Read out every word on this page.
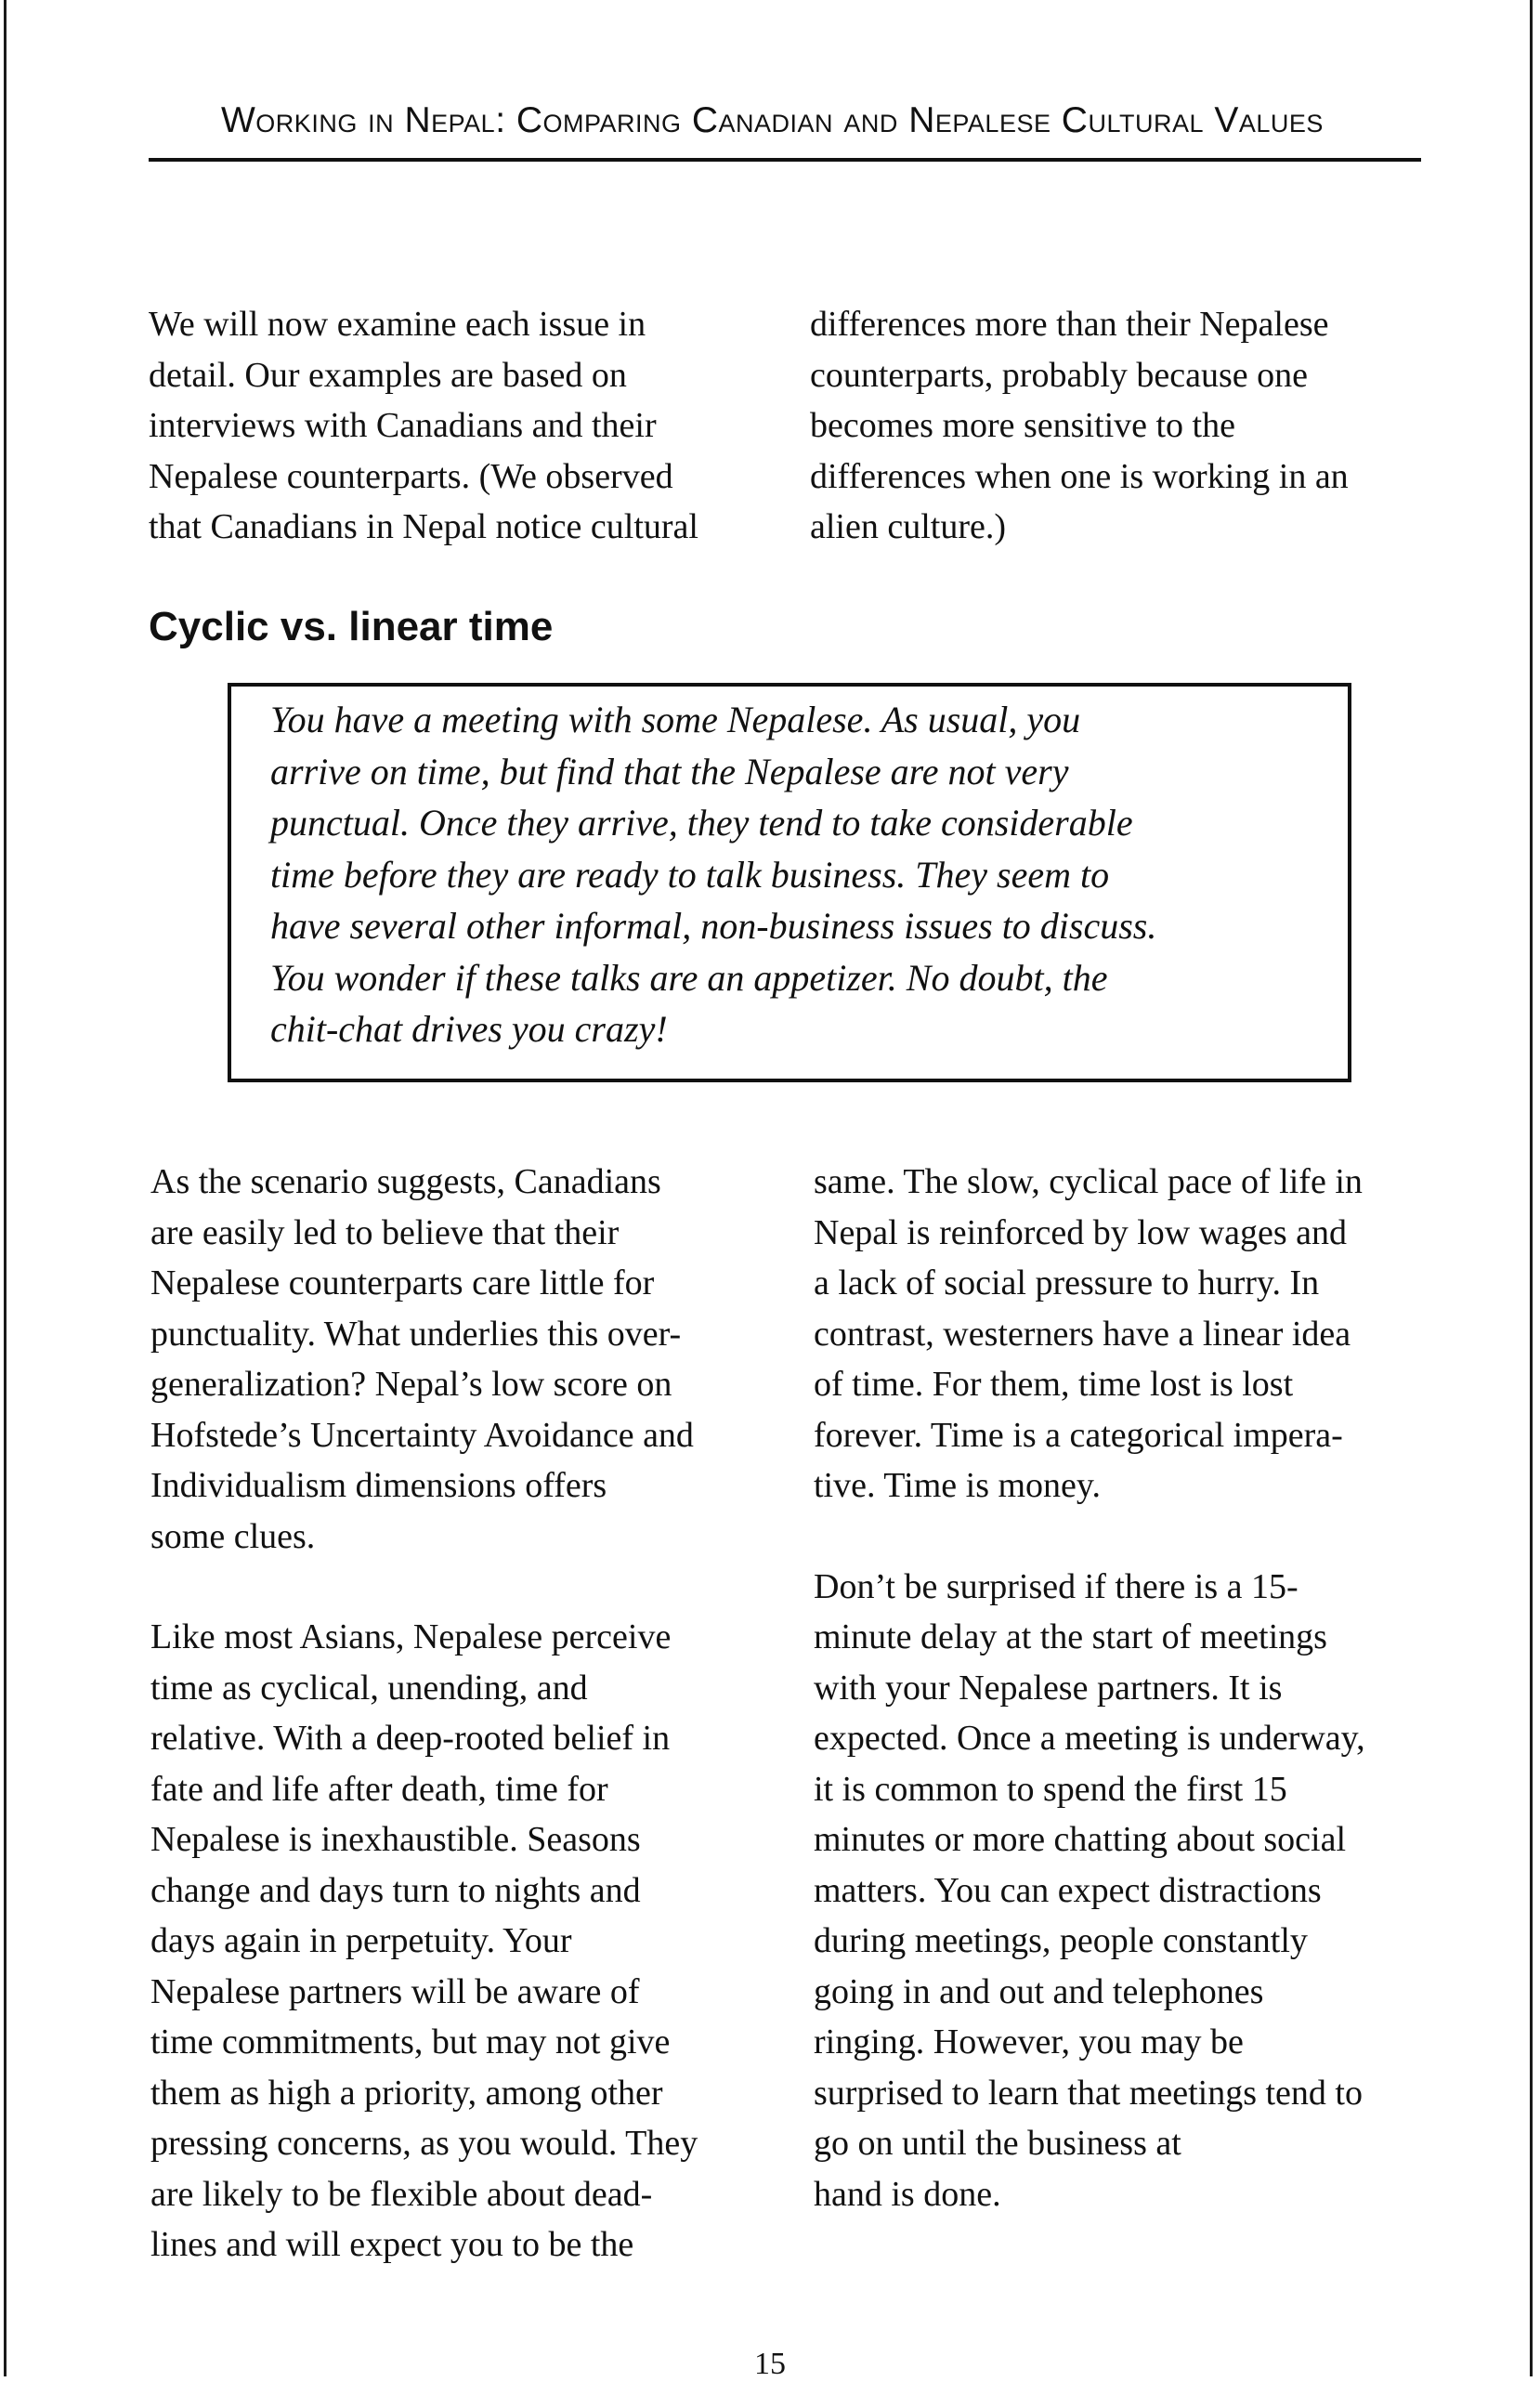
Working in Nepal: Comparing Canadian and Nepalese Cultural Values

We will now examine each issue in
detail. Our examples are based on
interviews with Canadians and their
Nepalese counterparts. (We observed
that Canadians in Nepal notice cultural

differences more than their Nepalese
counterparts, probably because one
becomes more sensitive to the
differences when one is working in an
alien culture.)

Cyclic vs. linear time
You have a meeting with some Nepalese. As usual, you
arrive on time, but find that the Nepalese are not very
punctual. Once they arrive, they tend to take considerable
time before they are ready to talk business. They seem to
have several other informal, non-business issues to discuss.
You wonder if these talks are an appetizer. No doubt, the
chit-chat drives you crazy!

As the scenario suggests, Canadians
are easily led to believe that their
Nepalese counterparts care little for
punctuality. What underlies this over-
generalization? Nepal’s low score on
Hofstede’s Uncertainty Avoidance and
Individualism dimensions offers
some clues.

Like most Asians, Nepalese perceive
time as cyclical, unending, and
relative. With a deep-rooted belief in
fate and life after death, time for
Nepalese is inexhaustible. Seasons
change and days turn to nights and
days again in perpetuity. Your
Nepalese partners will be aware of
time commitments, but may not give
them as high a priority, among other
pressing concerns, as you would. They
are likely to be flexible about dead-
lines and will expect you to be the

same. The slow, cyclical pace of life in
Nepal is reinforced by low wages and
a lack of social pressure to hurry. In
contrast, westerners have a linear idea
of time. For them, time lost is lost
forever. Time is a categorical impera-
tive. Time is money.

Don’t be surprised if there is a 15-
minute delay at the start of meetings
with your Nepalese partners. It is
expected. Once a meeting is underway,
it is common to spend the first 15
minutes or more chatting about social
matters. You can expect distractions
during meetings, people constantly
going in and out and telephones
ringing. However, you may be
surprised to learn that meetings tend to
go on until the business at
hand is done.

15
